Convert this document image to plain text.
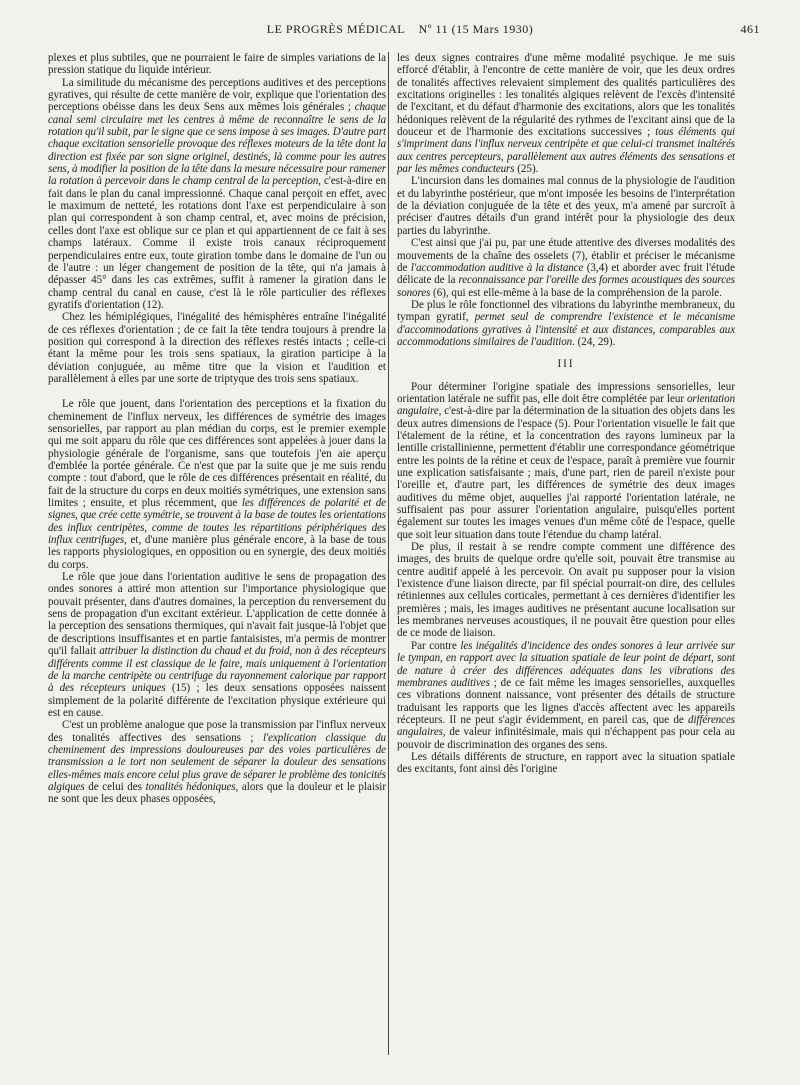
LE PROGRÈS MÉDICAL Nº 11 (15 Mars 1930)	461

plexes et plus subtiles, que ne pourraient le faire de simples variations de la pression statique du liquide intérieur.

La similitude du mécanisme des perceptions auditives et des perceptions gyratives, qui résulte de cette manière de voir, explique que l'orientation des perceptions obéisse dans les deux Sens aux mêmes lois générales ; chaque canal semi circulaire met les centres à même de reconnaître le sens de la rotation qu'il subit, par le signe que ce sens impose à ses images. D'autre part chaque excitation sensorielle provoque des réflexes moteurs de la tête dont la direction est fixée par son signe originel, destinés, là comme pour les autres sens, à modifier la position de la tête dans la mesure nécessaire pour ramener la rotation à percevoir dans le champ central de la perception, c'est-à-dire en fait dans le plan du canal impressionné. Chaque canal perçoit en effet, avec le maximum de netteté, les rotations dont l'axe est perpendiculaire à son plan qui correspondent à son champ central, et, avec moins de précision, celles dont l'axe est oblique sur ce plan et qui appartiennent de ce fait à ses champs latéraux. Comme il existe trois canaux réciproquement perpendiculaires entre eux, toute giration tombe dans le domaine de l'un ou de l'autre : un léger changement de position de la tête, qui n'a jamais à dépasser 45° dans les cas extrêmes, suffit à ramener la giration dans le champ central du canal en cause, c'est là le rôle particulier des réflexes gyratifs d'orientation (12).

Chez les hémiplégiques, l'inégalité des hémisphères entraîne l'inégalité de ces réflexes d'orientation ; de ce fait la tête tendra toujours à prendre la position qui correspond à la direction des réflexes restés intacts ; celle-ci étant la même pour les trois sens spatiaux, la giration participe à la déviation conjuguée, au même titre que la vision et l'audition et parallèlement à elles par une sorte de triptyque des trois sens spatiaux.

Le rôle que jouent, dans l'orientation des perceptions et la fixation du cheminement de l'influx nerveux, les différences de symétrie des images sensorielles, par rapport au plan médian du corps, est le premier exemple qui me soit apparu du rôle que ces différences sont appelées à jouer dans la physiologie générale de l'organisme, sans que toutefois j'en aie aperçu d'emblée la portée générale. Ce n'est que par la suite que je me suis rendu compte : tout d'abord, que le rôle de ces différences présentait en réalité, du fait de la structure du corps en deux moitiés symétriques, une extension sans limites ; ensuite, et plus récemment, que les différences de polarité et de signes, que crée cette symétrie, se trouvent à la base de toutes les orientations des influx centripètes, comme de toutes les répartitions périphériques des influx centrifuges, et, d'une manière plus générale encore, à la base de tous les rapports physiologiques, en opposition ou en synergie, des deux moitiés du corps.

Le rôle que joue dans l'orientation auditive le sens de propagation des ondes sonores a attiré mon attention sur l'importance physiologique que pouvait présenter, dans d'autres domaines, la perception du renversement du sens de propagation d'un excitant extérieur. L'application de cette donnée à la perception des sensations thermiques, qui n'avait fait jusque-là l'objet que de descriptions insuffisantes et en partie fantaisistes, m'a permis de montrer qu'il fallait attribuer la distinction du chaud et du froid, non à des récepteurs différents comme il est classique de le faire, mais uniquement à l'orientation de la marche centripète ou centrifuge du rayonnement calorique par rapport à des récepteurs uniques (15) ; les deux sensations opposées naissent simplement de la polarité différente de l'excitation physique extérieure qui est en cause.

C'est un problème analogue que pose la transmission par l'influx nerveux des tonalités affectives des sensations ; l'explication classique du cheminement des impressions douloureuses par des voies particulières de transmission a le tort non seulement de séparer la douleur des sensations elles-mêmes mais encore celui plus grave de séparer le problème des tonicités algiques de celui des tonalités hédoniques, alors que la douleur et le plaisir ne sont que les deux phases opposées,

les deux signes contraires d'une même modalité psychique. Je me suis efforcé d'établir, à l'encontre de cette manière de voir, que les deux ordres de tonalités affectives relevaient simplement des qualités particulières des excitations originelles : les tonalités algiques relèvent de l'excès d'intensité de l'excitant, et du défaut d'harmonie des excitations, alors que les tonalités hédoniques relèvent de la régularité des rythmes de l'excitant ainsi que de la douceur et de l'harmonie des excitations successives ; tous éléments qui s'impriment dans l'influx nerveux centripète et que celui-ci transmet inaltérés aux centres percepteurs, parallèlement aux autres éléments des sensations et par les mêmes conducteurs (25).

L'incursion dans les domaines mal connus de la physiologie de l'audition et du labyrinthe postérieur, que m'ont imposée les besoins de l'interprétation de la déviation conjuguée de la tête et des yeux, m'a amené par surcroît à préciser d'autres détails d'un grand intérêt pour la physiologie des deux parties du labyrinthe.

C'est ainsi que j'ai pu, par une étude attentive des diverses modalités des mouvements de la chaîne des osselets (7), établir et préciser le mécanisme de l'accommodation auditive à la distance (3,4) et aborder avec fruit l'étude délicate de la reconnaissance par l'oreille des formes acoustiques des sources sonores (6), qui est elle-même à la base de la compréhension de la parole.

De plus le rôle fonctionnel des vibrations du labyrinthe membraneux, du tympan gyratif, permet seul de comprendre l'existence et le mécanisme d'accommodations gyratives à l'intensité et aux distances, comparables aux accommodations similaires de l'audition. (24, 29).

III

Pour déterminer l'origine spatiale des impressions sensorielles, leur orientation latérale ne suffit pas, elle doit être complétée par leur orientation angulaire, c'est-à-dire par la détermination de la situation des objets dans les deux autres dimensions de l'espace (5). Pour l'orientation visuelle le fait que l'étalement de la rétine, et la concentration des rayons lumineux par la lentille cristallinienne, permettent d'établir une correspondance géométrique entre les points de la rétine et ceux de l'espace, paraît à première vue fournir une explication satisfaisante ; mais, d'une part, rien de pareil n'existe pour l'oreille et, d'autre part, les différences de symétrie des deux images auditives du même objet, auquelles j'ai rapporté l'orientation latérale, ne suffisaient pas pour assurer l'orientation angulaire, puisqu'elles portent également sur toutes les images venues d'un même côté de l'espace, quelle que soit leur situation dans toute l'étendue du champ latéral.

De plus, il restait à se rendre compte comment une différence des images, des bruits de quelque ordre qu'elle soit, pouvait être transmise au centre auditif appelé à les percevoir. On avait pu supposer pour la vision l'existence d'une liaison directe, par fil spécial pourrait-on dire, des cellules rétiniennes aux cellules corticales, permettant à ces dernières d'identifier les premières ; mais, les images auditives ne présentant aucune localisation sur les membranes nerveuses acoustiques, il ne pouvait être question pour elles de ce mode de liaison.

Par contre les inégalités d'incidence des ondes sonores à leur arrivée sur le tympan, en rapport avec la situation spatiale de leur point de départ, sont de nature à créer des différences adéquates dans les vibrations des membranes auditives ; de ce fait même les images sensorielles, auxquelles ces vibrations donnent naissance, vont présenter des détails de structure traduisant les rapports que les lignes d'accès affectent avec les appareils récepteurs. Il ne peut s'agir évidemment, en pareil cas, que de différences angulaires, de valeur infinitésimale, mais qui n'échappent pas pour cela au pouvoir de discrimination des organes des sens.

Les détails différents de structure, en rapport avec la situation spatiale des excitants, font ainsi dès l'origine
